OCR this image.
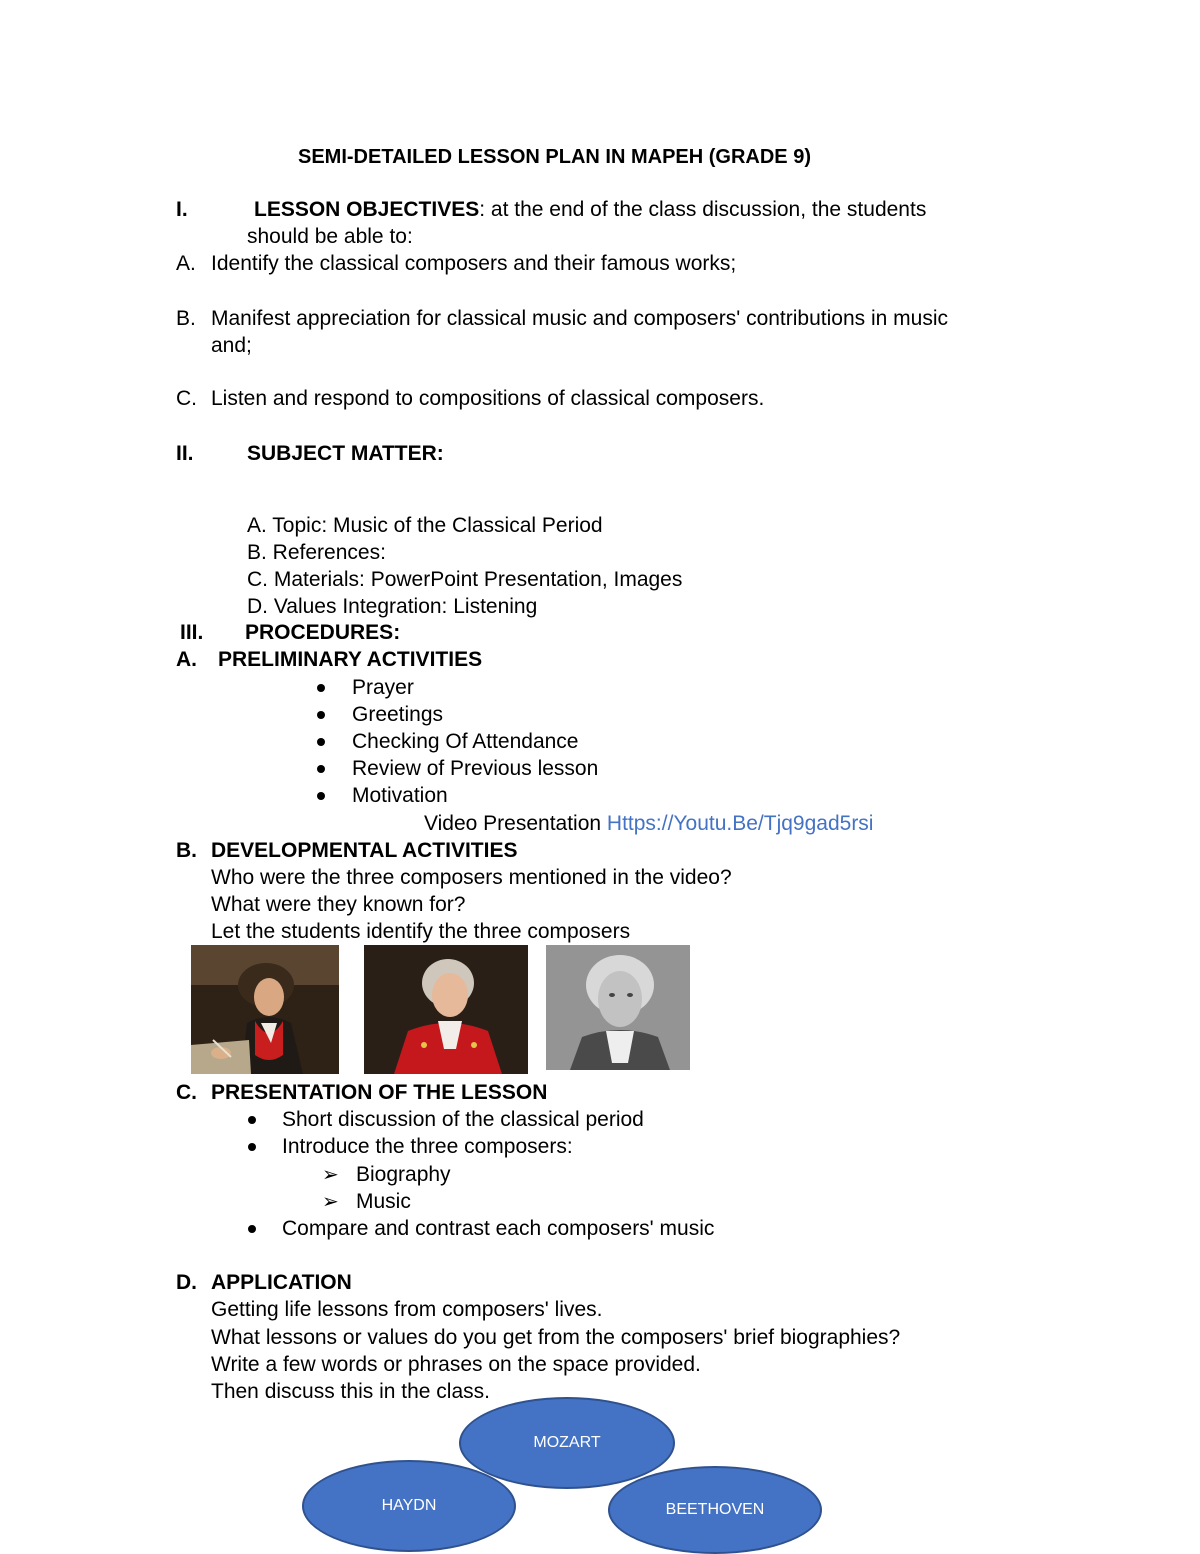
SEMI-DETAILED LESSON PLAN IN MAPEH (GRADE 9)
I.	LESSON OBJECTIVES: at the end of the class discussion, the students
should be able to:
A. Identify the classical composers and their famous works;
B. Manifest appreciation for classical music and composers' contributions in music
and;
C. Listen and respond to compositions of classical composers.
II.	SUBJECT MATTER:
A. Topic: Music of the Classical Period
B. References:
C. Materials: PowerPoint Presentation, Images
D. Values Integration: Listening
III. PROCEDURES:
A. PRELIMINARY ACTIVITIES
Prayer
Greetings
Checking Of Attendance
Review of Previous lesson
Motivation
Video Presentation Https://Youtu.Be/Tjq9gad5rsi
B. DEVELOPMENTAL ACTIVITIES
Who were the three composers mentioned in the video?
What were they known for?
Let the students identify the three composers
C. PRESENTATION OF THE LESSON
Short discussion of the classical period
Introduce the three composers:
➢ Biography
➢ Music
Compare and contrast each composers' music
D. APPLICATION
Getting life lessons from composers' lives.
What lessons or values do you get from the composers' brief biographies?
Write a few words or phrases on the space provided.
Then discuss this in the class.
HAYDN	BEETHOVEN
MOZART
